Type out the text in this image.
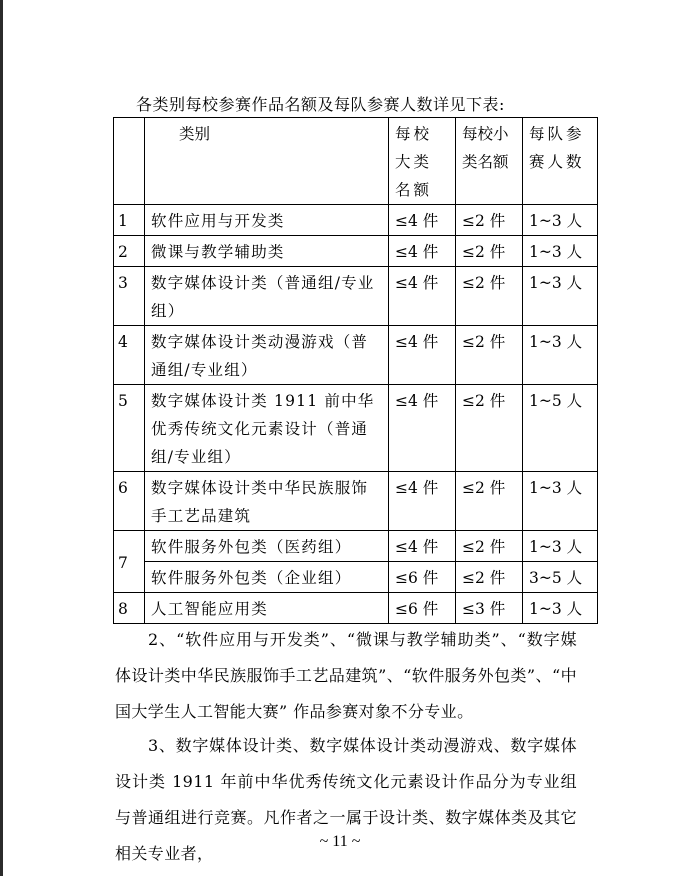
各类别每校参赛作品名额及每队参赛人数详见下表:
	类别	每校大类名额	每校小类名额	每队参赛人数
1	软件应用与开发类	≤4 件	≤2 件	1~3 人
2	微课与教学辅助类	≤4 件	≤2 件	1~3 人
3	数字媒体设计类（普通组/专业组）	≤4 件	≤2 件	1~3 人
4	数字媒体设计类动漫游戏（普通组/专业组）	≤4 件	≤2 件	1~3 人
5	数字媒体设计类 1911 前中华优秀传统文化元素设计（普通组/专业组）	≤4 件	≤2 件	1~5 人
6	数字媒体设计类中华民族服饰手工艺品建筑	≤4 件	≤2 件	1~3 人
7	软件服务外包类（医药组）	≤4 件	≤2 件	1~3 人
	软件服务外包类（企业组）	≤6 件	≤2 件	3~5 人
8	人工智能应用类	≤6 件	≤3 件	1~3 人

2、“软件应用与开发类”、“微课与教学辅助类”、“数字媒体设计类中华民族服饰手工艺品建筑”、“软件服务外包类”、“中国大学生人工智能大赛” 作品参赛对象不分专业。

3、数字媒体设计类、数字媒体设计类动漫游戏、数字媒体设计类 1911 年前中华优秀传统文化元素设计作品分为专业组与普通组进行竞赛。凡作者之一属于设计类、数字媒体类及其它相关专业者，

~ 11 ~
